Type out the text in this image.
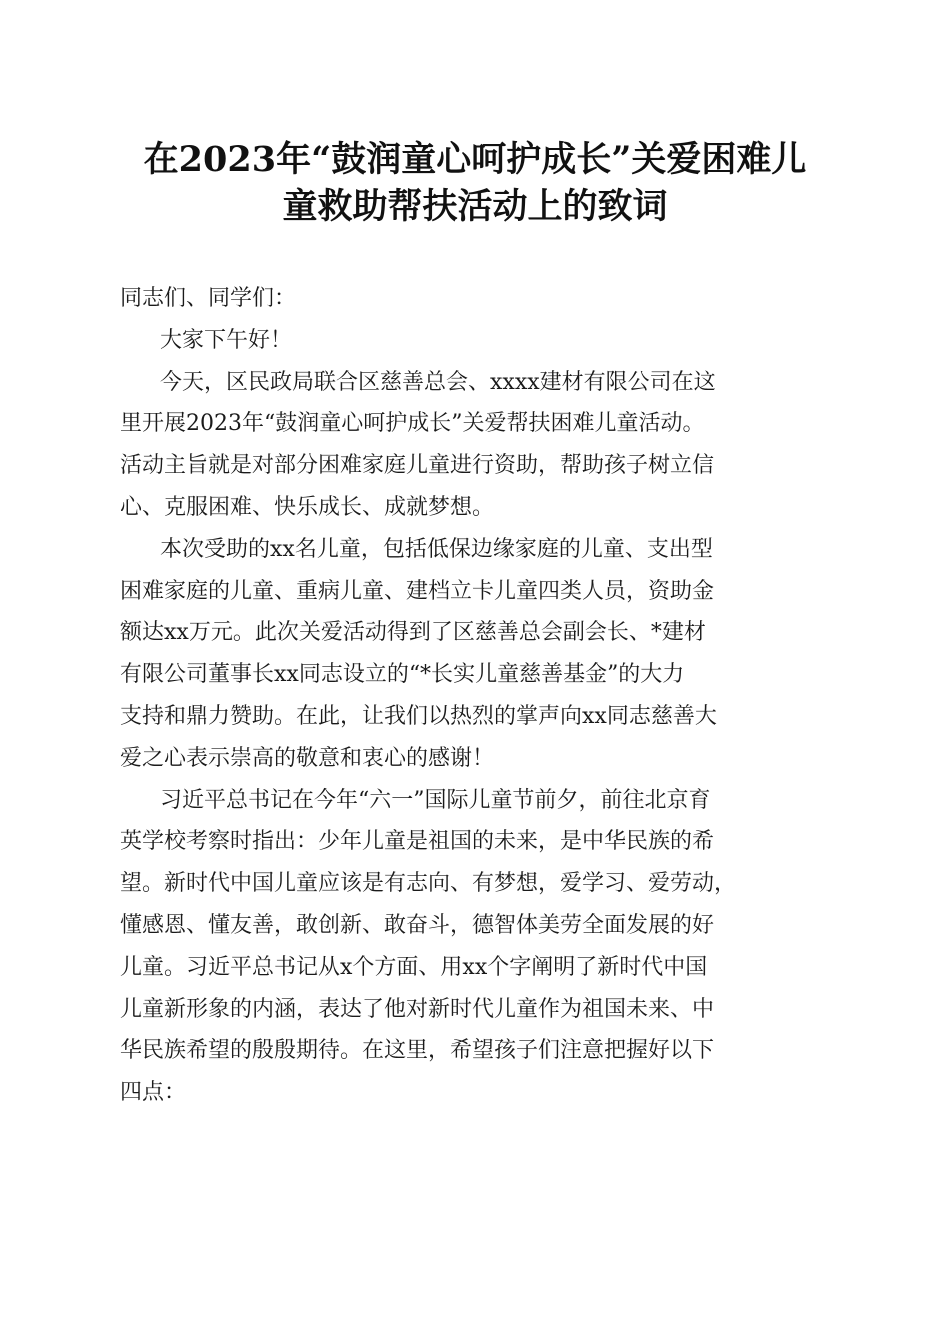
在2023年“鼓润童心呵护成长”关爱困难儿
童救助帮扶活动上的致词
同志们、同学们：
大家下午好！
今天，区民政局联合区慈善总会、xxxx建材有限公司在这
里开展2023年“鼓润童心呵护成长”关爱帮扶困难儿童活动。
活动主旨就是对部分困难家庭儿童进行资助，帮助孩子树立信
心、克服困难、快乐成长、成就梦想。
本次受助的xx名儿童，包括低保边缘家庭的儿童、支出型
困难家庭的儿童、重病儿童、建档立卡儿童四类人员，资助金
额达xx万元。此次关爱活动得到了区慈善总会副会长、*建材
有限公司董事长xx同志设立的“*长实儿童慈善基金”的大力
支持和鼎力赞助。在此，让我们以热烈的掌声向xx同志慈善大
爱之心表示崇高的敬意和衷心的感谢！
习近平总书记在今年“六一”国际儿童节前夕，前往北京育
英学校考察时指出：少年儿童是祖国的未来，是中华民族的希
望。新时代中国儿童应该是有志向、有梦想，爱学习、爱劳动，
懂感恩、懂友善，敢创新、敢奋斗，德智体美劳全面发展的好
儿童。习近平总书记从x个方面、用xx个字阐明了新时代中国
儿童新形象的内涵，表达了他对新时代儿童作为祖国未来、中
华民族希望的殷殷期待。在这里，希望孩子们注意把握好以下
四点：
